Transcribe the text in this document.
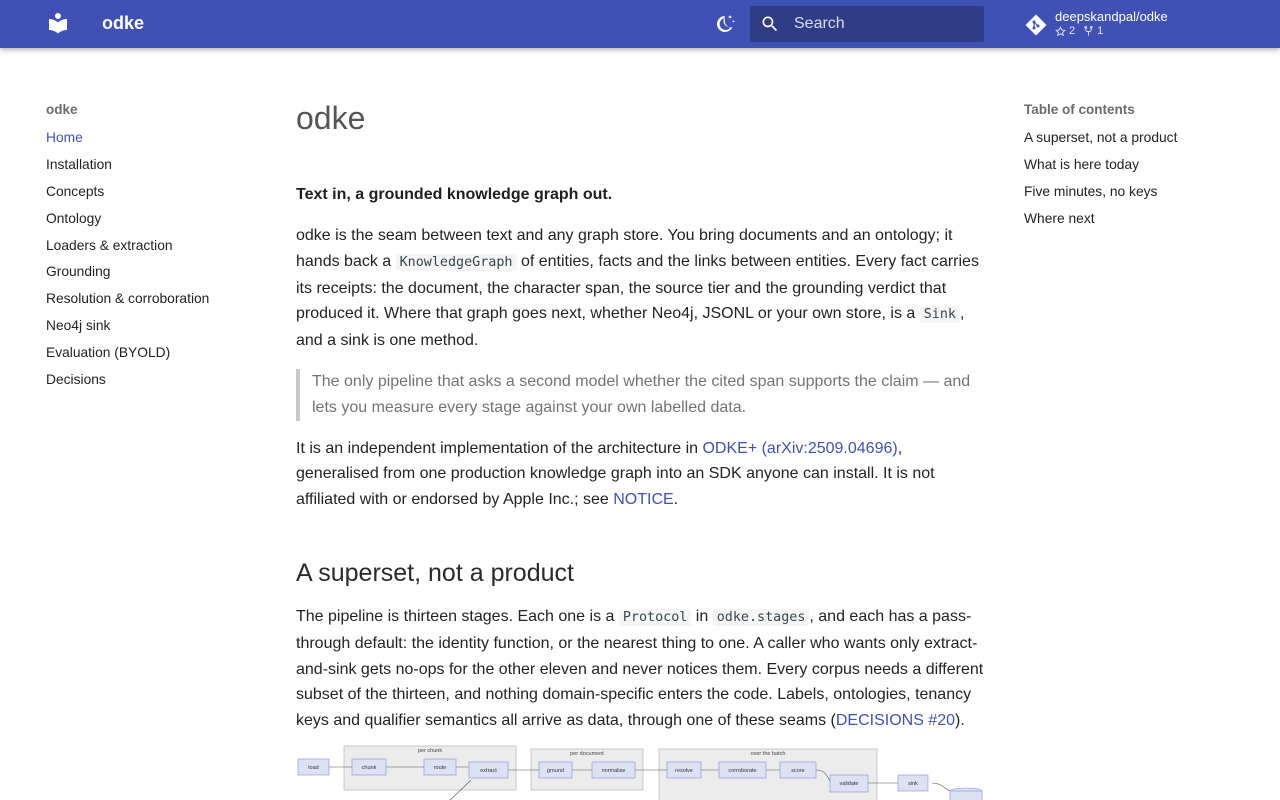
odke
Search	deepskandpal/odke
2 1
odke
Home
Installation
Concepts
Ontology
Loaders & extraction
Grounding
Resolution & corroboration
Neo4j sink
Evaluation (BYOLD)
Decisions
Table of contents
A superset, not a product
What is here today
Five minutes, no keys
Where next
odke
Text in, a grounded knowledge graph out.

odke is the seam between text and any graph store. You bring documents and an ontology; it hands back a KnowledgeGraph of entities, facts and the links between entities. Every fact carries its receipts: the document, the character span, the source tier and the grounding verdict that produced it. Where that graph goes next, whether Neo4j, JSONL or your own store, is a Sink , and a sink is one method.

The only pipeline that asks a second model whether the cited span supports the claim — and lets you measure every stage against your own labelled data.

It is an independent implementation of the architecture in ODKE+ (arXiv:2509.04696), generalised from one production knowledge graph into an SDK anyone can install. It is not affiliated with or endorsed by Apple Inc.; see NOTICE.

A superset, not a product

The pipeline is thirteen stages. Each one is a Protocol in odke.stages , and each has a pass-through default: the identity function, or the nearest thing to one. A caller who wants only extract-and-sink gets no-ops for the other eleven and never notices them. Every corpus needs a different subset of the thirteen, and nothing domain-specific enters the code. Labels, ontologies, tenancy keys and qualifier semantics all arrive as data, through one of these seams (DECISIONS #20).

per chunk	per document	over the batch
load	chunk	route	extract	ground	normalise	resolve	corroborate	score
validate	sink
